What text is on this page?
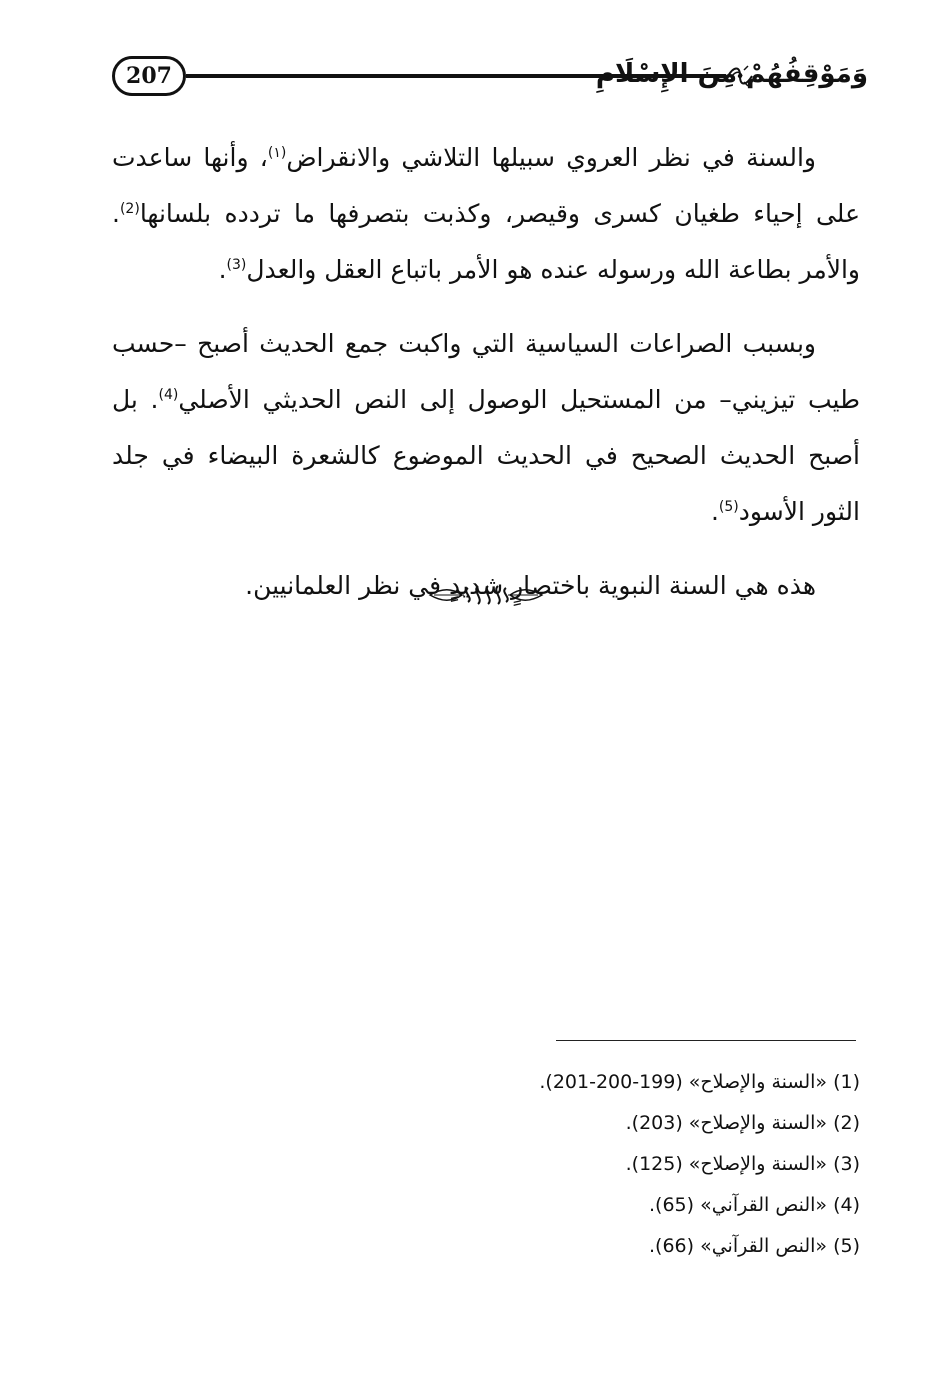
207	وَمَوْقِفُهُمْ مِنَ الإِسْلَامِ

والسنة في نظر العروي سبيلها التلاشي والانقراض$^{(١)}$، وأنها ساعدت على إحياء طغيان كسرى وقيصر، وكذبت بتصرفها ما تردده بلسانها$^{(2)}$. والأمر بطاعة الله ورسوله عنده هو الأمر باتباع العقل والعدل$^{(3)}$.

وبسبب الصراعات السياسية التي واكبت جمع الحديث أصبح –حسب طيب تيزيني– من المستحيل الوصول إلى النص الحديثي الأصلي$^{(4)}$. بل أصبح الحديث الصحيح في الحديث الموضوع كالشعرة البيضاء في جلد الثور الأسود$^{(5)}$.

هذه هي السنة النبوية باختصارٍ شديدٍ في نظر العلمانيين.

(1) «السنة والإصلاح» (199-200-201).
(2) «السنة والإصلاح» (203).
(3) «السنة والإصلاح» (125).
(4) «النص القرآني» (65).
(5) «النص القرآني» (66).
